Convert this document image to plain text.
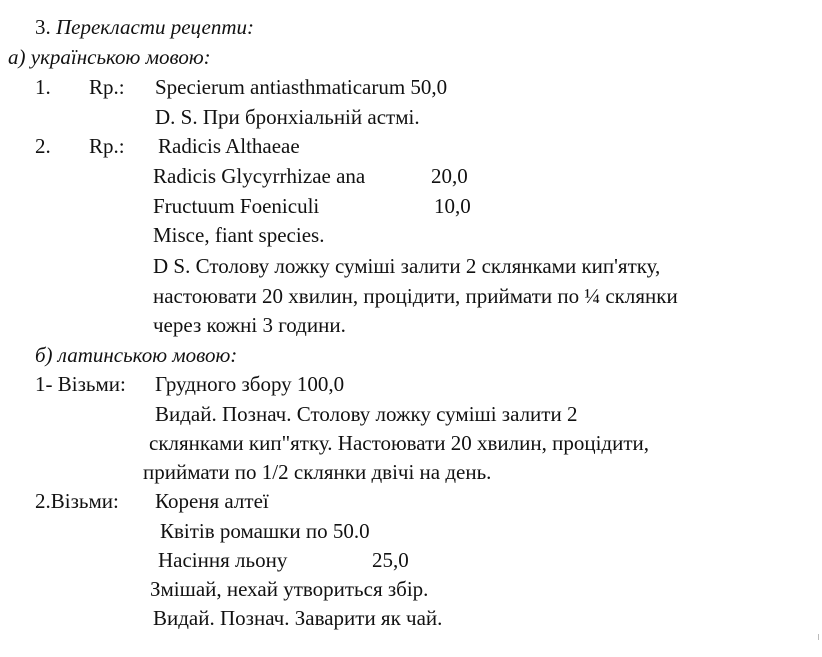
3. Перекласти рецепти:
а) українською мовою:
1. Rp.: Specierum antiasthmaticarum 50,0
D. S. При бронхіальній астмі.
2. Rp.: Radicis Althaeae
Radicis Glycyrrhizae ana	20,0
Fructuum Foeniculi	10,0
Misce, fiant species.
D S. Столову ложку суміші залити 2 склянками кип'ятку,
настоювати 20 хвилин, процідити, приймати по ¼ склянки
через кожні 3 години.
б) латинською мовою:
1- Візьми: Грудного збору 100,0
Видай. Познач. Столову ложку суміші залити 2
склянками кип"ятку. Настоювати 20 хвилин, процідити,
приймати по 1/2 склянки двічі на день.
2.Візьми: Кореня алтеї
Квітів ромашки по 50.0
Насіння льону	25,0
Змішай, нехай утвориться збір.
Видай. Познач. Заварити як чай.
